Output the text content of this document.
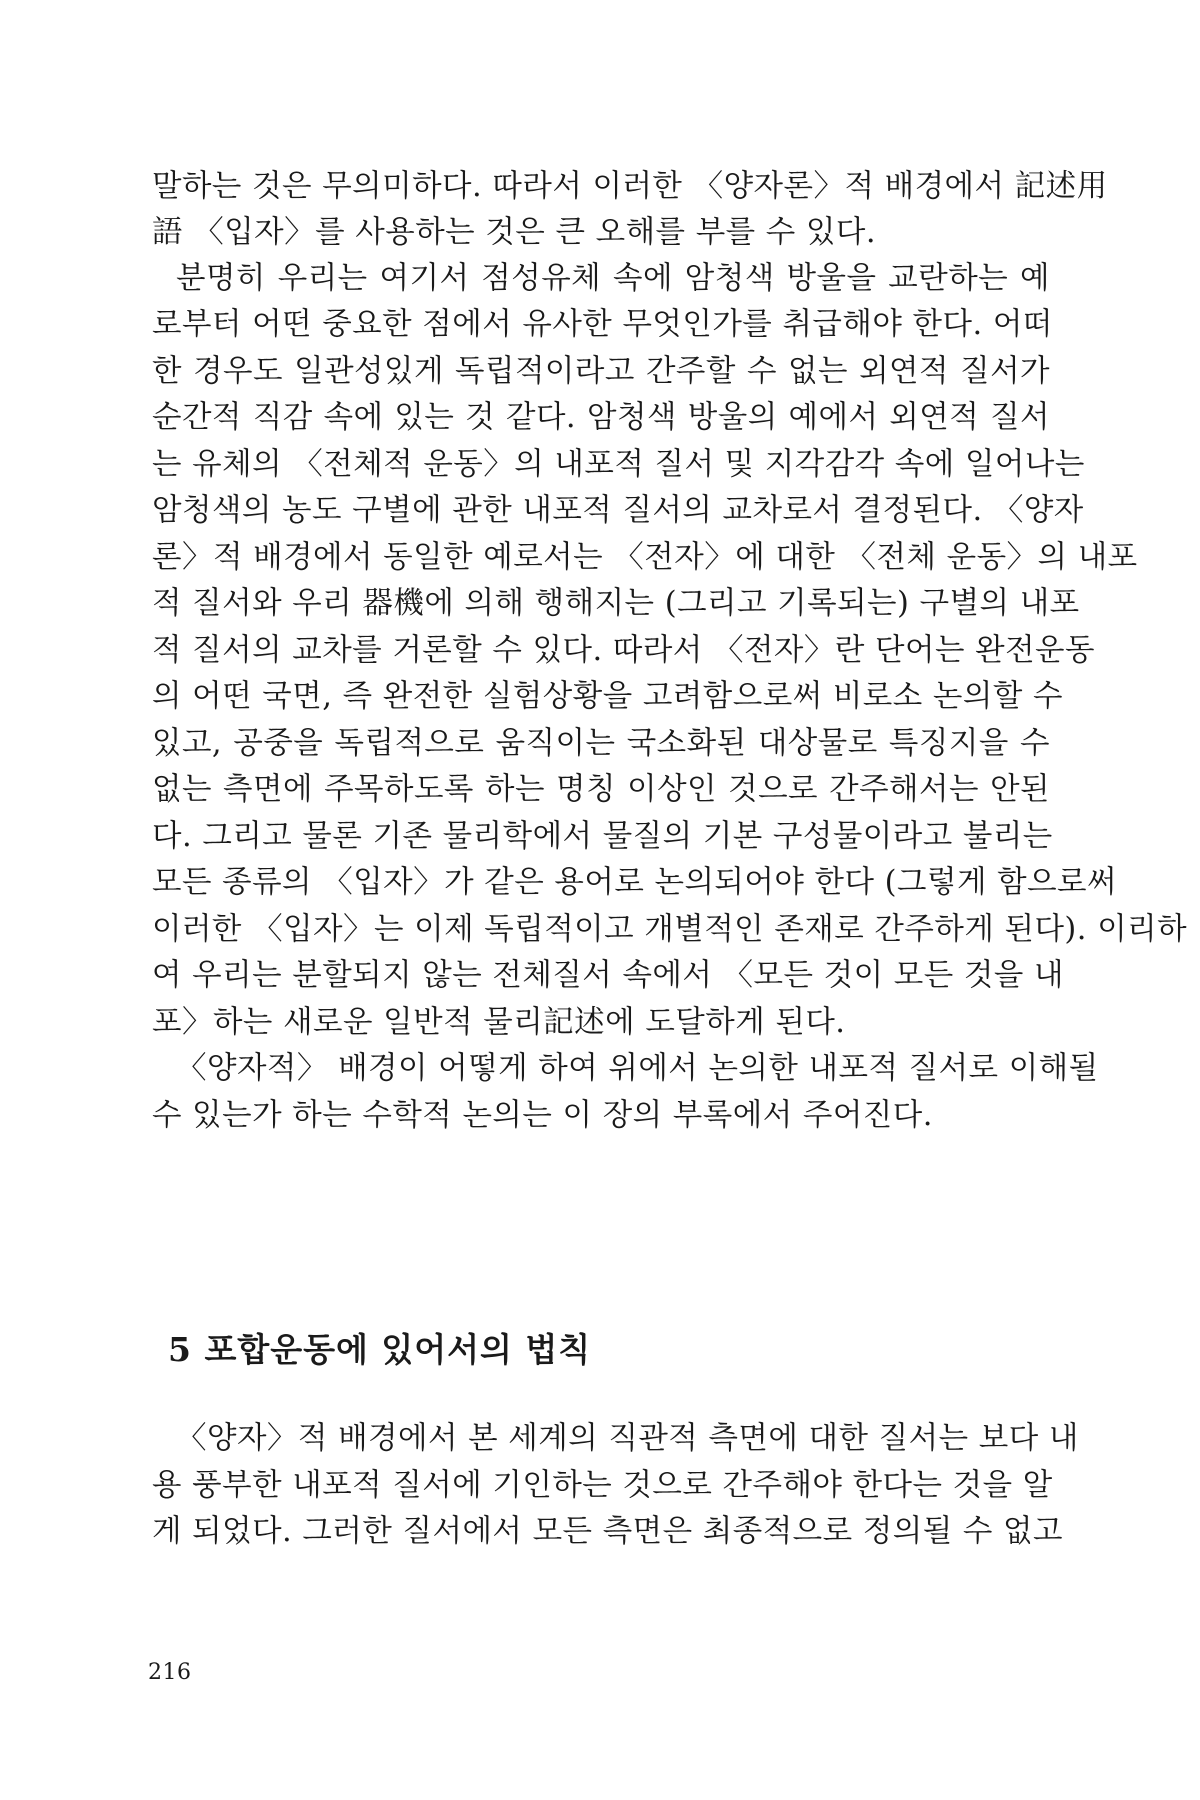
말하는 것은 무의미하다. 따라서 이러한 〈양자론〉적 배경에서 記述用
語 〈입자〉를 사용하는 것은 큰 오해를 부를 수 있다.
분명히 우리는 여기서 점성유체 속에 암청색 방울을 교란하는 예
로부터 어떤 중요한 점에서 유사한 무엇인가를 취급해야 한다. 어떠
한 경우도 일관성있게 독립적이라고 간주할 수 없는 외연적 질서가
순간적 직감 속에 있는 것 같다. 암청색 방울의 예에서 외연적 질서
는 유체의 〈전체적 운동〉의 내포적 질서 및 지각감각 속에 일어나는
암청색의 농도 구별에 관한 내포적 질서의 교차로서 결정된다. 〈양자
론〉적 배경에서 동일한 예로서는 〈전자〉에 대한 〈전체 운동〉의 내포
적 질서와 우리 器機에 의해 행해지는 (그리고 기록되는) 구별의 내포
적 질서의 교차를 거론할 수 있다. 따라서 〈전자〉란 단어는 완전운동
의 어떤 국면, 즉 완전한 실험상황을 고려함으로써 비로소 논의할 수
있고, 공중을 독립적으로 움직이는 국소화된 대상물로 특징지을 수
없는 측면에 주목하도록 하는 명칭 이상인 것으로 간주해서는 안된
다. 그리고 물론 기존 물리학에서 물질의 기본 구성물이라고 불리는
모든 종류의 〈입자〉가 같은 용어로 논의되어야 한다 (그렇게 함으로써
이러한 〈입자〉는 이제 독립적이고 개별적인 존재로 간주하게 된다). 이리하
여 우리는 분할되지 않는 전체질서 속에서 〈모든 것이 모든 것을 내
포〉하는 새로운 일반적 물리記述에 도달하게 된다.
〈양자적〉 배경이 어떻게 하여 위에서 논의한 내포적 질서로 이해될
수 있는가 하는 수학적 논의는 이 장의 부록에서 주어진다.
5 포합운동에 있어서의 법칙
〈양자〉적 배경에서 본 세계의 직관적 측면에 대한 질서는 보다 내
용 풍부한 내포적 질서에 기인하는 것으로 간주해야 한다는 것을 알
게 되었다. 그러한 질서에서 모든 측면은 최종적으로 정의될 수 없고
216
